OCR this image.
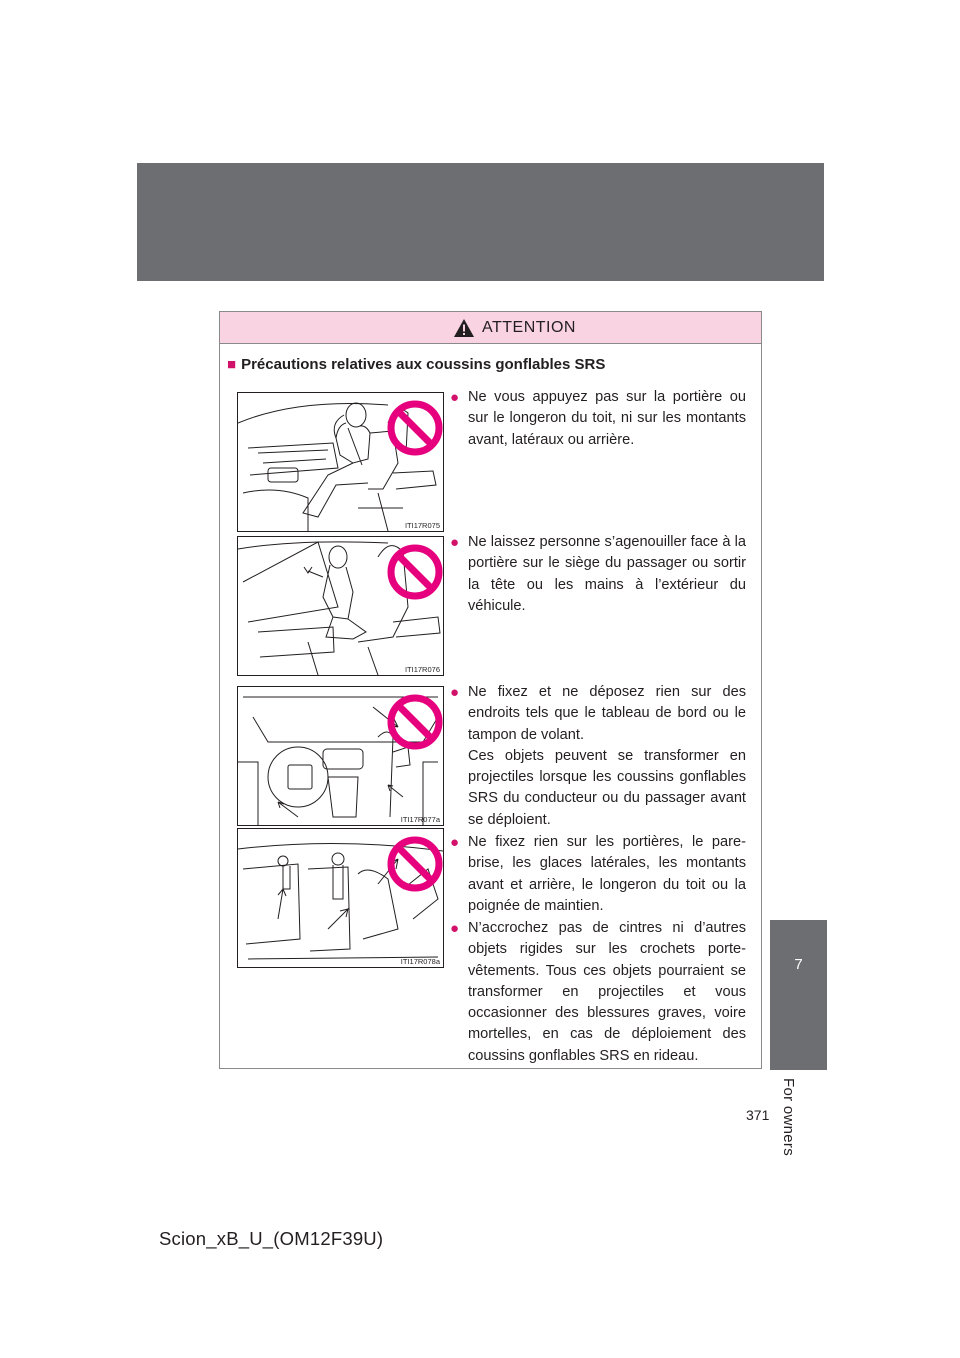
ATTENTION
■ Précautions relatives aux coussins gonflables SRS
ITI17R075
ITI17R076
ITI17R077a
ITI17R078a
● Ne vous appuyez pas sur la portière ou sur le longeron du toit, ni sur les montants avant, latéraux ou arrière.
● Ne laissez personne s’agenouiller face à la portière sur le siège du passager ou sortir la tête ou les mains à l’extérieur du véhicule.
● Ne fixez et ne déposez rien sur des endroits tels que le tableau de bord ou le tampon de volant.
Ces objets peuvent se transformer en projectiles lorsque les coussins gonflables SRS du conducteur ou du passager avant se déploient.
● Ne fixez rien sur les portières, le pare-brise, les glaces latérales, les montants avant et arrière, le longeron du toit ou la poignée de maintien.
● N’accrochez pas de cintres ni d’autres objets rigides sur les crochets porte-vêtements. Tous ces objets pourraient se transformer en projectiles et vous occasionner des blessures graves, voire mortelles, en cas de déploiement des coussins gonflables SRS en rideau.
7
For owners
371
Scion_xB_U_(OM12F39U)
